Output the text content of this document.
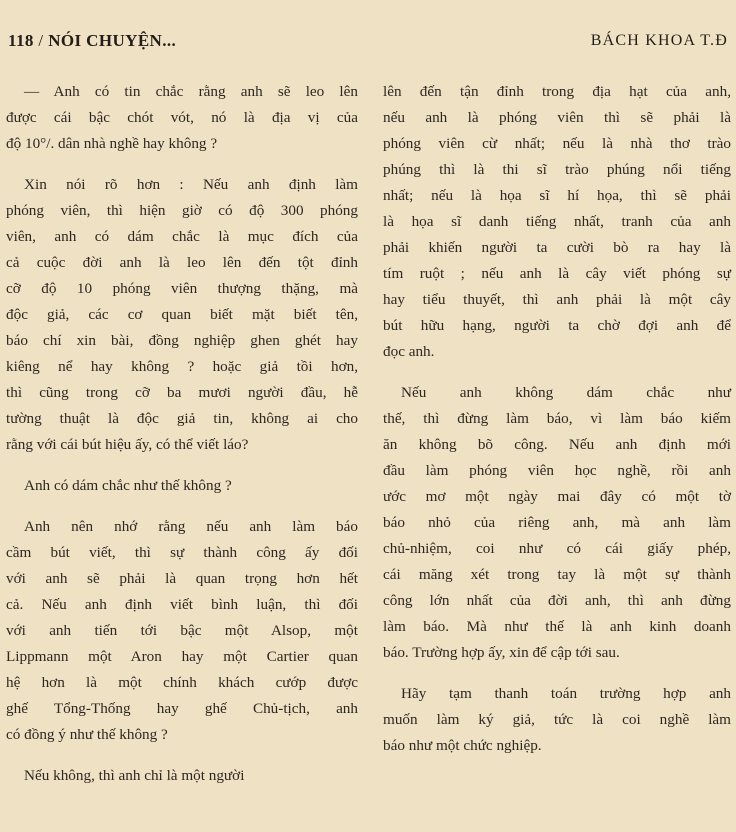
118 / NÓI CHUYỆN...	BÁCH KHOA T.Đ
— Anh có tin chắc rằng anh sẽ leo lên
được cái bậc chót vót, nó là địa vị của
độ 10°/. dân nhà nghề hay không ?
Xin nói rõ hơn : Nếu anh định làm
phóng viên, thì hiện giờ có độ 300 phóng
viên, anh có dám chắc là mục đích của
cả cuộc đời anh là leo lên đến tột đỉnh
cỡ độ 10 phóng viên thượng thặng, mà
độc giả, các cơ quan biết mặt biết tên,
báo chí xin bài, đồng nghiệp ghen ghét hay
kiêng nể hay không ? hoặc giả tồi hơn,
thì cũng trong cỡ ba mươi người đầu, hễ
tường thuật là độc giả tin, không ai cho
rằng với cái bút hiệu ấy, có thể viết láo?
Anh có dám chắc như thế không ?
Anh nên nhớ rằng nếu anh làm báo
cầm bút viết, thì sự thành công ấy đối
với anh sẽ phải là quan trọng hơn hết
cả. Nếu anh định viết bình luận, thì đối
với anh tiến tới bậc một Alsop, một
Lippmann một Aron hay một Cartier quan
hệ hơn là một chính khách cướp được
ghế Tổng-Thống hay ghế Chủ-tịch, anh
có đồng ý như thế không ?
Nếu không, thì anh chỉ là một người
lên đến tận đỉnh trong địa hạt của anh,
nếu anh là phóng viên thì sẽ phải là
phóng viên cừ nhất; nếu là nhà thơ trào
phúng thì là thi sĩ trào phúng nổi tiếng
nhất; nếu là họa sĩ hí họa, thì sẽ phải
là họa sĩ danh tiếng nhất, tranh của anh
phải khiến người ta cười bò ra hay là
tím ruột ; nếu anh là cây viết phóng sự
hay tiểu thuyết, thì anh phải là một cây
bút hữu hạng, người ta chờ đợi anh để
đọc anh.
Nếu anh không dám chắc như
thế, thì đừng làm báo, vì làm báo kiếm
ăn không bõ công. Nếu anh định mới
đầu làm phóng viên học nghề, rồi anh
ước mơ một ngày mai đây có một tờ
báo nhỏ của riêng anh, mà anh làm
chủ-nhiệm, coi như có cái giấy phép,
cái măng xét trong tay là một sự thành
công lớn nhất của đời anh, thì anh đừng
làm báo. Mà như thế là anh kinh doanh
báo. Trường hợp ấy, xin để cập tới sau.
Hãy tạm thanh toán trường hợp anh
muốn làm ký giả, tức là coi nghề làm
báo như một chức nghiệp.
